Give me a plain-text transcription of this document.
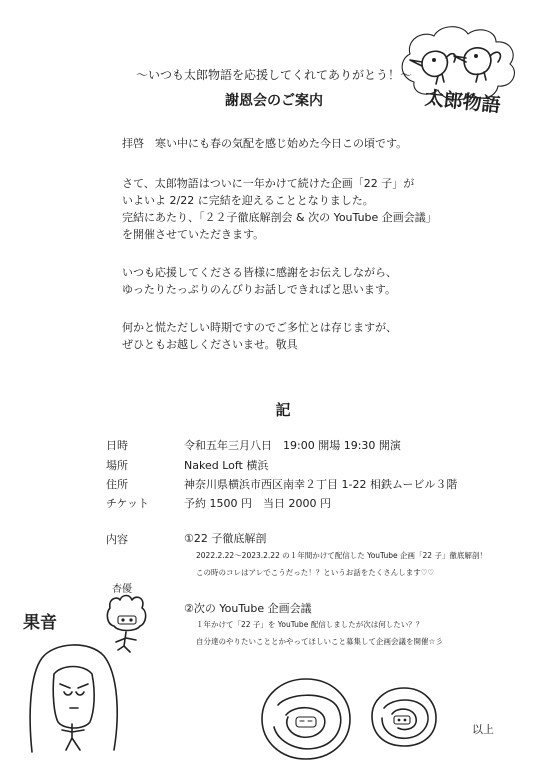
太郎物語
〜いつも太郎物語を応援してくれてありがとう！〜
謝恩会のご案内
拝啓　寒い中にも春の気配を感じ始めた今日この頃です。
さて、太郎物語はついに一年かけて続けた企画「22 子」が
いよいよ 2/22 に完結を迎えることとなりました。
完結にあたり、「２２子徹底解剖会 & 次の YouTube 企画会議」
を開催させていただきます。
いつも応援してくださる皆様に感謝をお伝えしながら、
ゆったりたっぷりのんびりお話しできればと思います。
何かと慌ただしい時期ですのでご多忙とは存じますが、
ぜひともお越しくださいませ。敬具
記
日時	令和五年三月八日　19:00 開場 19:30 開演
場所	Naked Loft 横浜
住所	神奈川県横浜市西区南幸２丁目 1-22 相鉄ムービル３階
チケット	予約 1500 円　当日 2000 円
内容	①22 子徹底解剖
2022.2.22〜2023.2.22 の１年間かけて配信した YouTube 企画「22 子」徹底解剖！
この時のコレはアレでこうだった！？というお話をたくさんします♡♡
②次の YouTube 企画会議
１年かけて「22 子」を YouTube 配信しましたが次は何したい？？
自分達のやりたいこととかやってほしいこと募集して企画会議を開催☆彡
杏優
果音
以上
